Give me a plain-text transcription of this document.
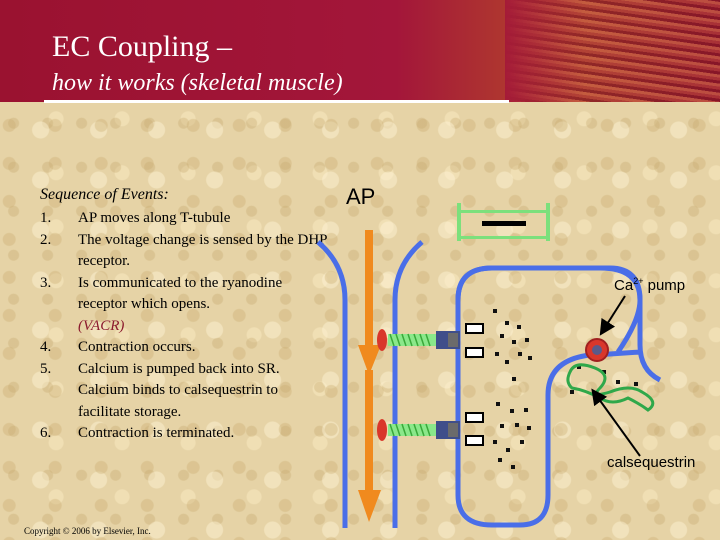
EC Coupling –
how it works (skeletal muscle)
Sequence of Events:
1. AP moves along T-tubule
2. The voltage change is sensed by the DHP receptor.
3. Is communicated to the ryanodine receptor which opens.
(VACR)
4. Contraction occurs.
5. Calcium is pumped back into SR. Calcium binds to calsequestrin to facilitate storage.
6. Contraction is terminated.
AP
$Ca^{2+}$ pump
calsequestrin
Copyright © 2006 by Elsevier, Inc.
